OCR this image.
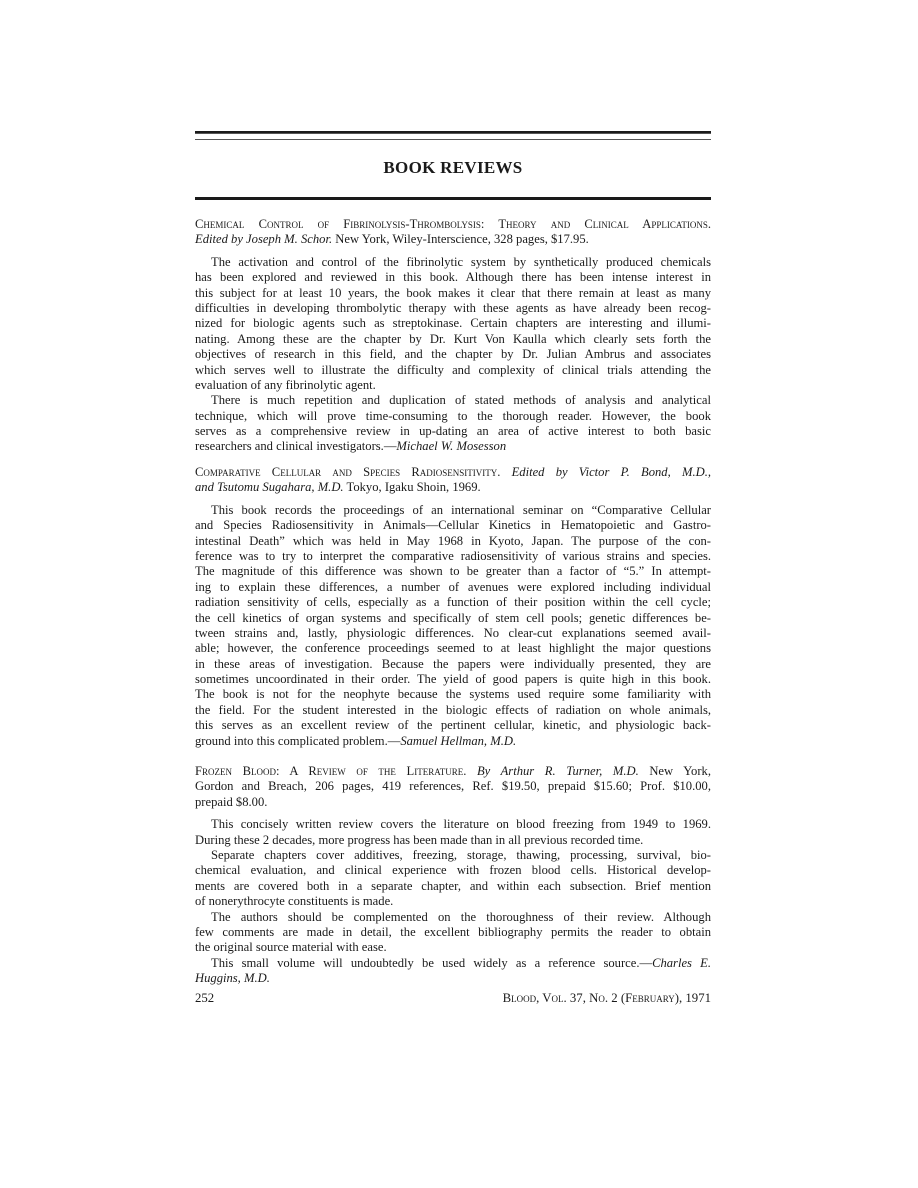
BOOK REVIEWS
Chemical Control of Fibrinolysis-Thrombolysis: Theory and Clinical Applications.
Edited by Joseph M. Schor. New York, Wiley-Interscience, 328 pages, $17.95.
The activation and control of the fibrinolytic system by synthetically produced chemicals
has been explored and reviewed in this book. Although there has been intense interest in
this subject for at least 10 years, the book makes it clear that there remain at least as many
difficulties in developing thrombolytic therapy with these agents as have already been recog-
nized for biologic agents such as streptokinase. Certain chapters are interesting and illumi-
nating. Among these are the chapter by Dr. Kurt Von Kaulla which clearly sets forth the
objectives of research in this field, and the chapter by Dr. Julian Ambrus and associates
which serves well to illustrate the difficulty and complexity of clinical trials attending the
evaluation of any fibrinolytic agent.
There is much repetition and duplication of stated methods of analysis and analytical
technique, which will prove time-consuming to the thorough reader. However, the book
serves as a comprehensive review in up-dating an area of active interest to both basic
researchers and clinical investigators.—Michael W. Mosesson
Comparative Cellular and Species Radiosensitivity. Edited by Victor P. Bond, M.D.,
and Tsutomu Sugahara, M.D. Tokyo, Igaku Shoin, 1969.
This book records the proceedings of an international seminar on “Comparative Cellular
and Species Radiosensitivity in Animals—Cellular Kinetics in Hematopoietic and Gastro-
intestinal Death” which was held in May 1968 in Kyoto, Japan. The purpose of the con-
ference was to try to interpret the comparative radiosensitivity of various strains and species.
The magnitude of this difference was shown to be greater than a factor of “5.” In attempt-
ing to explain these differences, a number of avenues were explored including individual
radiation sensitivity of cells, especially as a function of their position within the cell cycle;
the cell kinetics of organ systems and specifically of stem cell pools; genetic differences be-
tween strains and, lastly, physiologic differences. No clear-cut explanations seemed avail-
able; however, the conference proceedings seemed to at least highlight the major questions
in these areas of investigation. Because the papers were individually presented, they are
sometimes uncoordinated in their order. The yield of good papers is quite high in this book.
The book is not for the neophyte because the systems used require some familiarity with
the field. For the student interested in the biologic effects of radiation on whole animals,
this serves as an excellent review of the pertinent cellular, kinetic, and physiologic back-
ground into this complicated problem.—Samuel Hellman, M.D.
Frozen Blood: A Review of the Literature. By Arthur R. Turner, M.D. New York,
Gordon and Breach, 206 pages, 419 references, Ref. $19.50, prepaid $15.60; Prof. $10.00,
prepaid $8.00.
This concisely written review covers the literature on blood freezing from 1949 to 1969.
During these 2 decades, more progress has been made than in all previous recorded time.
Separate chapters cover additives, freezing, storage, thawing, processing, survival, bio-
chemical evaluation, and clinical experience with frozen blood cells. Historical develop-
ments are covered both in a separate chapter, and within each subsection. Brief mention
of nonerythrocyte constituents is made.
The authors should be complemented on the thoroughness of their review. Although
few comments are made in detail, the excellent bibliography permits the reader to obtain
the original source material with ease.
This small volume will undoubtedly be used widely as a reference source.—Charles E.
Huggins, M.D.
252	Blood, Vol. 37, No. 2 (February), 1971
